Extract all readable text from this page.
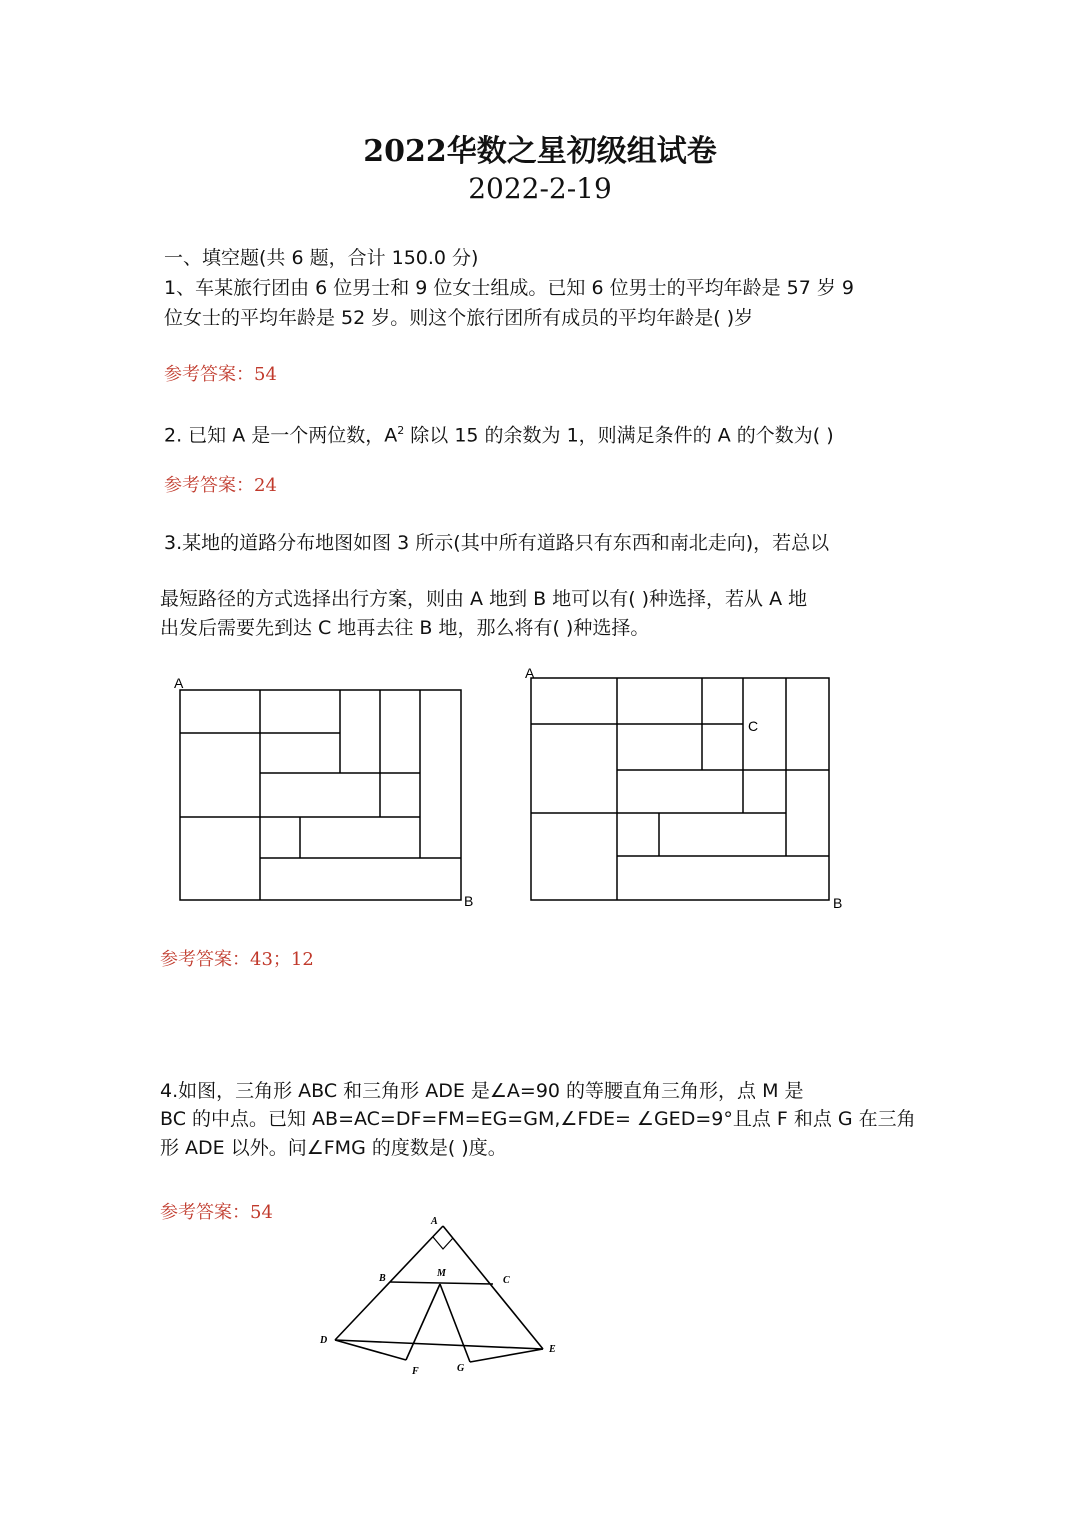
2022华数之星初级组试卷
2022-2-19
一、填空题(共 6 题，合计 150.0 分)
1、车某旅行团由 6 位男士和 9 位女士组成。已知 6 位男士的平均年龄是 57 岁 9
位女士的平均年龄是 52 岁。则这个旅行团所有成员的平均年龄是( )岁
参考答案：54
2. 已知 A 是一个两位数，$A^2$ 除以 15 的余数为 1，则满足条件的 A 的个数为( )
参考答案：24
3.某地的道路分布地图如图 3 所示(其中所有道路只有东西和南北走向)，若总以
最短路径的方式选择出行方案，则由 A 地到 B 地可以有( )种选择，若从 A 地
出发后需要先到达 C 地再去往 B 地，那么将有( )种选择。
A
B
A
C
B
参考答案：43；12
4.如图，三角形 ABC 和三角形 ADE 是∠A=90 的等腰直角三角形，点 M 是
BC 的中点。已知 AB=AC=DF=FM=EG=GM,∠FDE= ∠GED=9°且点 F 和点 G 在三角
形 ADE 以外。问∠FMG 的度数是( )度。
参考答案：54	A
B	M
C
D
E
F	G
